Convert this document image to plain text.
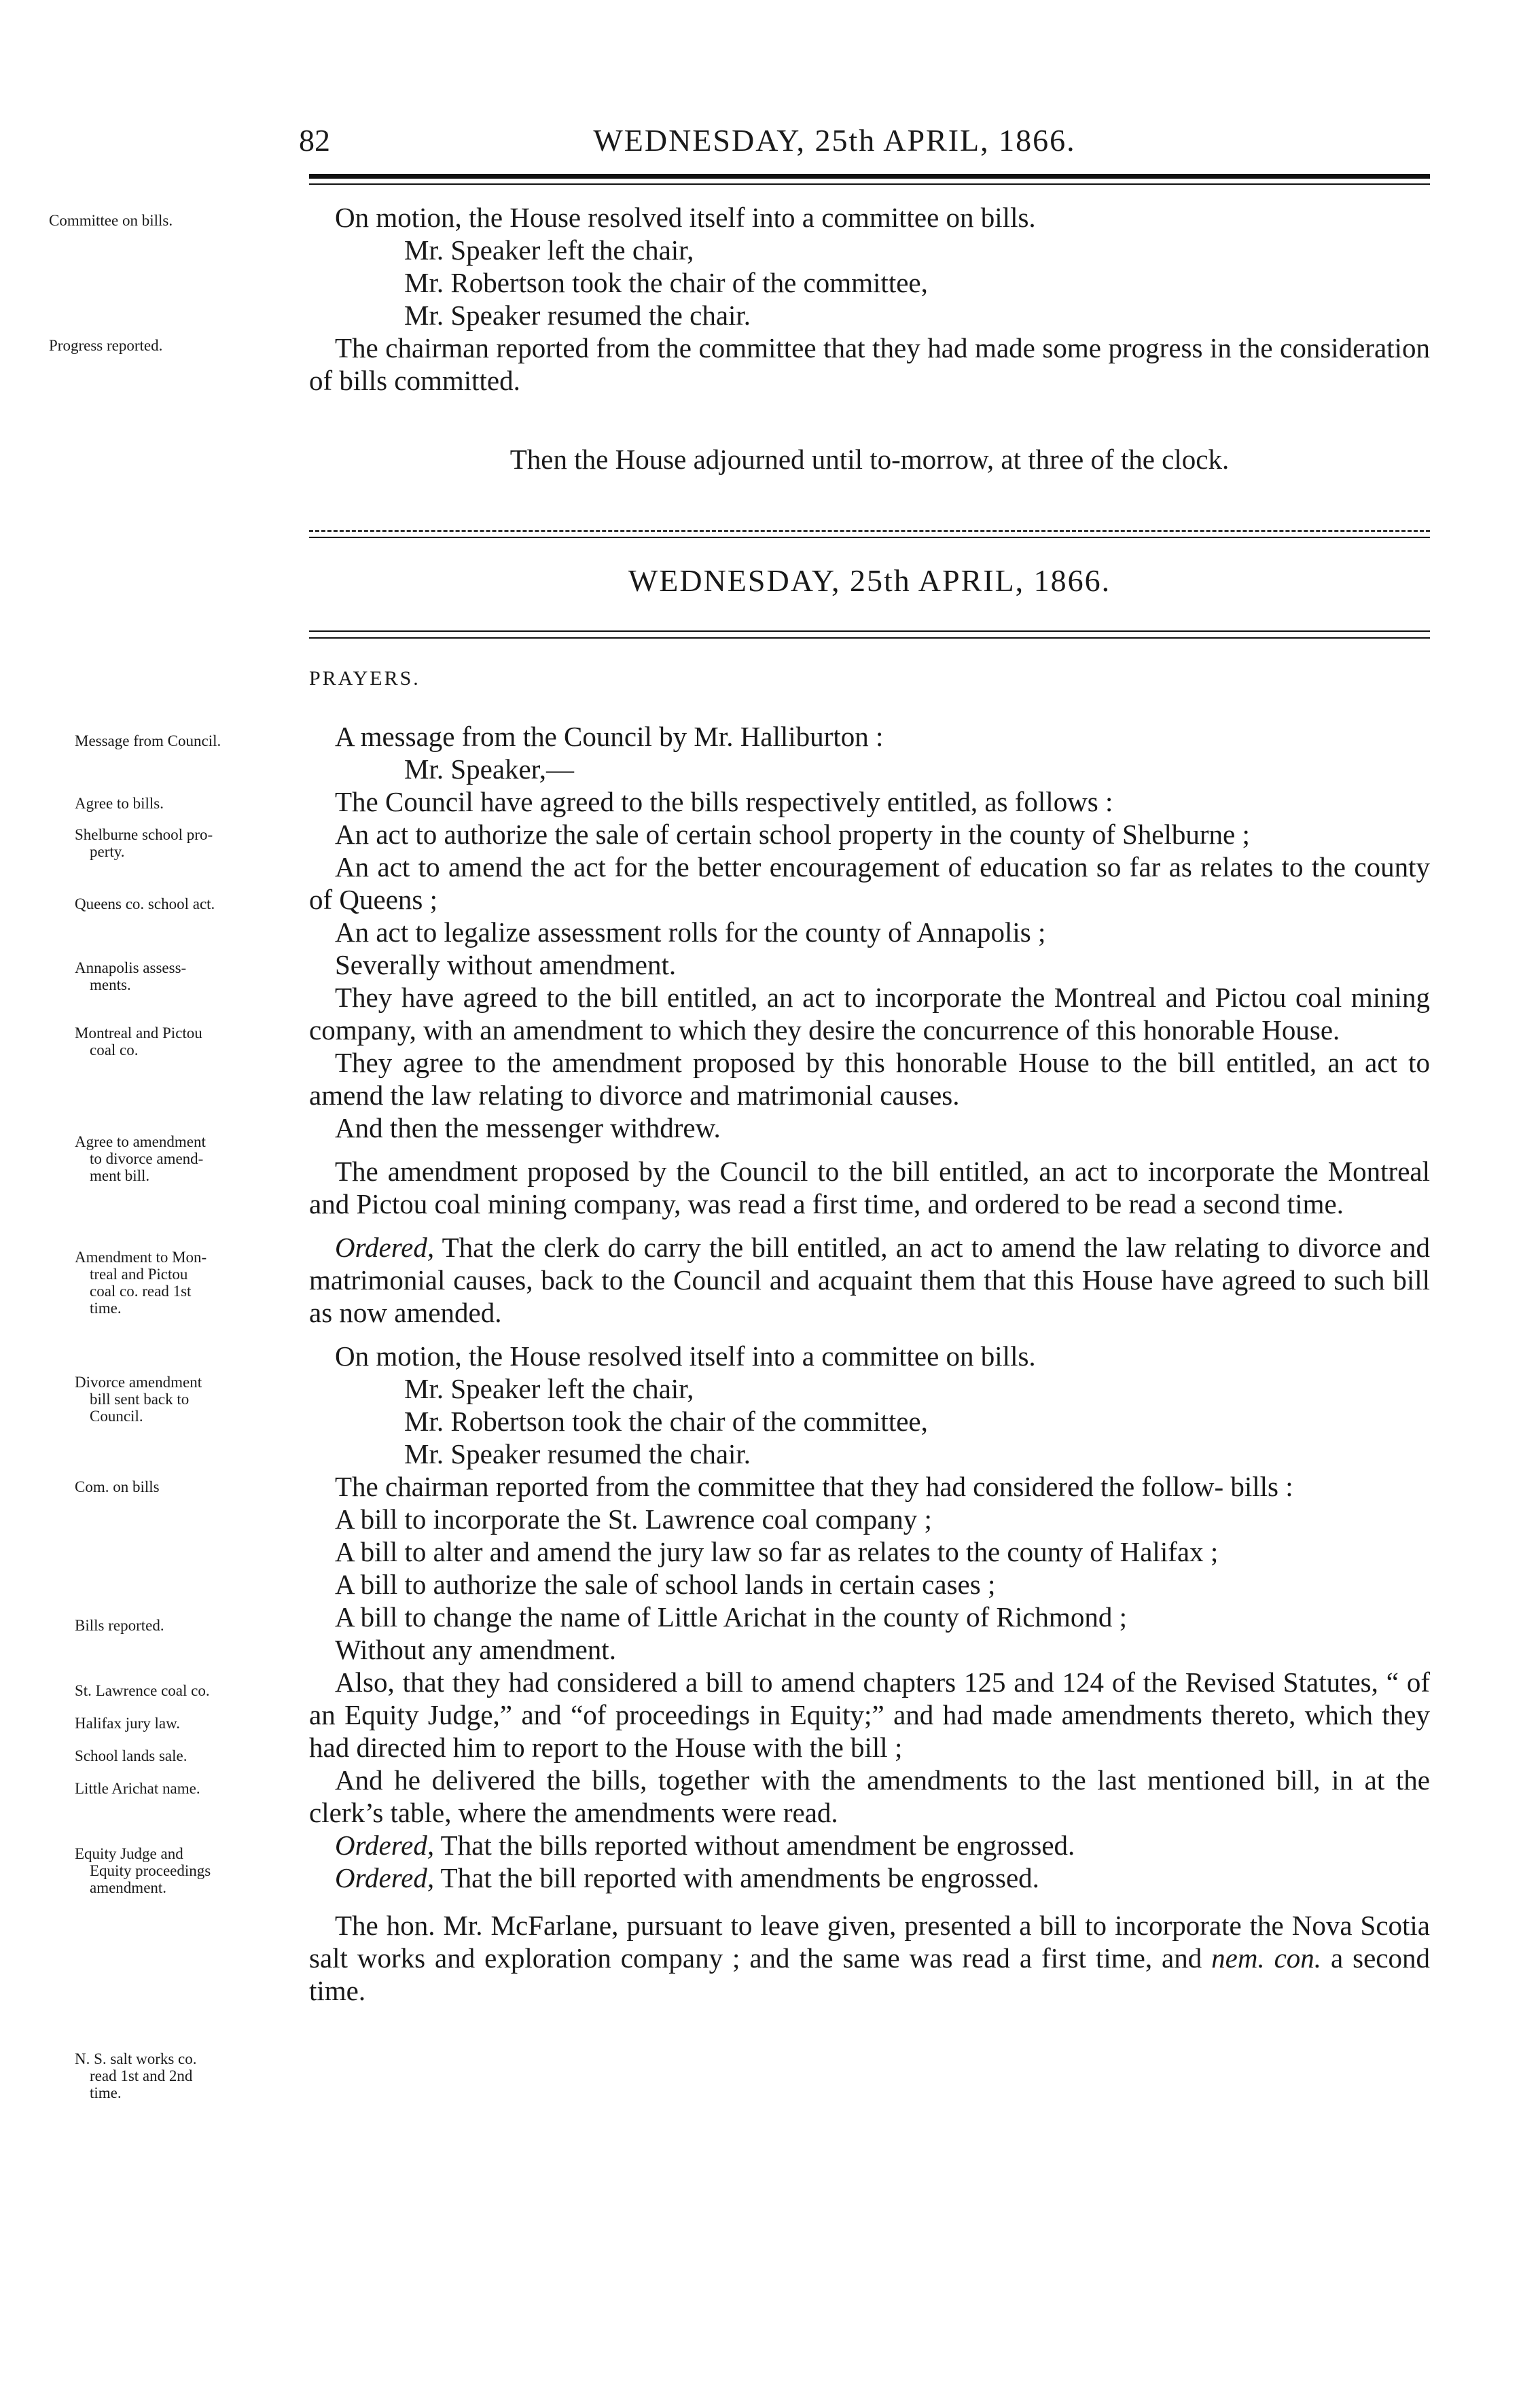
82	WEDNESDAY, 25th APRIL, 1866.
Committee on bills.
Progress reported.

On motion, the House resolved itself into a committee on bills.

Mr. Speaker left the chair,

Mr. Robertson took the chair of the committee,

Mr. Speaker resumed the chair.

The chairman reported from the committee that they had made some progress in the consideration of bills committed.

Then the House adjourned until to-morrow, at three of the clock.

WEDNESDAY, 25th APRIL, 1866.
PRAYERS.
Message from Council.
Agree to bills.
Shelburne school pro-
perty.
Queens co. school act.
Annapolis assess-
ments.
Montreal and Pictou
coal co.
Agree to amendment
to divorce amend-
ment bill.
Amendment to Mon-
treal and Pictou
coal co. read 1st
time.
Divorce amendment
bill sent back to
Council.
Com. on bills
Bills reported.
St. Lawrence coal co.
Halifax jury law.
School lands sale.
Little Arichat name.
Equity Judge and
Equity proceedings
amendment.
N. S. salt works co.
read 1st and 2nd
time.

A message from the Council by Mr. Halliburton :

Mr. Speaker,—

The Council have agreed to the bills respectively entitled, as follows :

An act to authorize the sale of certain school property in the county of Shelburne ;

An act to amend the act for the better encouragement of education so far as relates to the county of Queens ;

An act to legalize assessment rolls for the county of Annapolis ;

Severally without amendment.

They have agreed to the bill entitled, an act to incorporate the Montreal and Pictou coal mining company, with an amendment to which they desire the concurrence of this honorable House.

They agree to the amendment proposed by this honorable House to the bill entitled, an act to amend the law relating to divorce and matrimonial causes.

And then the messenger withdrew.

The amendment proposed by the Council to the bill entitled, an act to incorporate the Montreal and Pictou coal mining company, was read a first time, and ordered to be read a second time.

Ordered, That the clerk do carry the bill entitled, an act to amend the law relating to divorce and matrimonial causes, back to the Council and acquaint them that this House have agreed to such bill as now amended.

On motion, the House resolved itself into a committee on bills.

Mr. Speaker left the chair,

Mr. Robertson took the chair of the committee,

Mr. Speaker resumed the chair.

The chairman reported from the committee that they had considered the follow- bills :

A bill to incorporate the St. Lawrence coal company ;

A bill to alter and amend the jury law so far as relates to the county of Halifax ;

A bill to authorize the sale of school lands in certain cases ;

A bill to change the name of Little Arichat in the county of Richmond ;

Without any amendment.

Also, that they had considered a bill to amend chapters 125 and 124 of the Revised Statutes, “ of an Equity Judge,” and “of proceedings in Equity;” and had made amendments thereto, which they had directed him to report to the House with the bill ;

And he delivered the bills, together with the amendments to the last mentioned bill, in at the clerk’s table, where the amendments were read.

Ordered, That the bills reported without amendment be engrossed.

Ordered, That the bill reported with amendments be engrossed.

The hon. Mr. McFarlane, pursuant to leave given, presented a bill to incorporate the Nova Scotia salt works and exploration company ; and the same was read a first time, and nem. con. a second time.
